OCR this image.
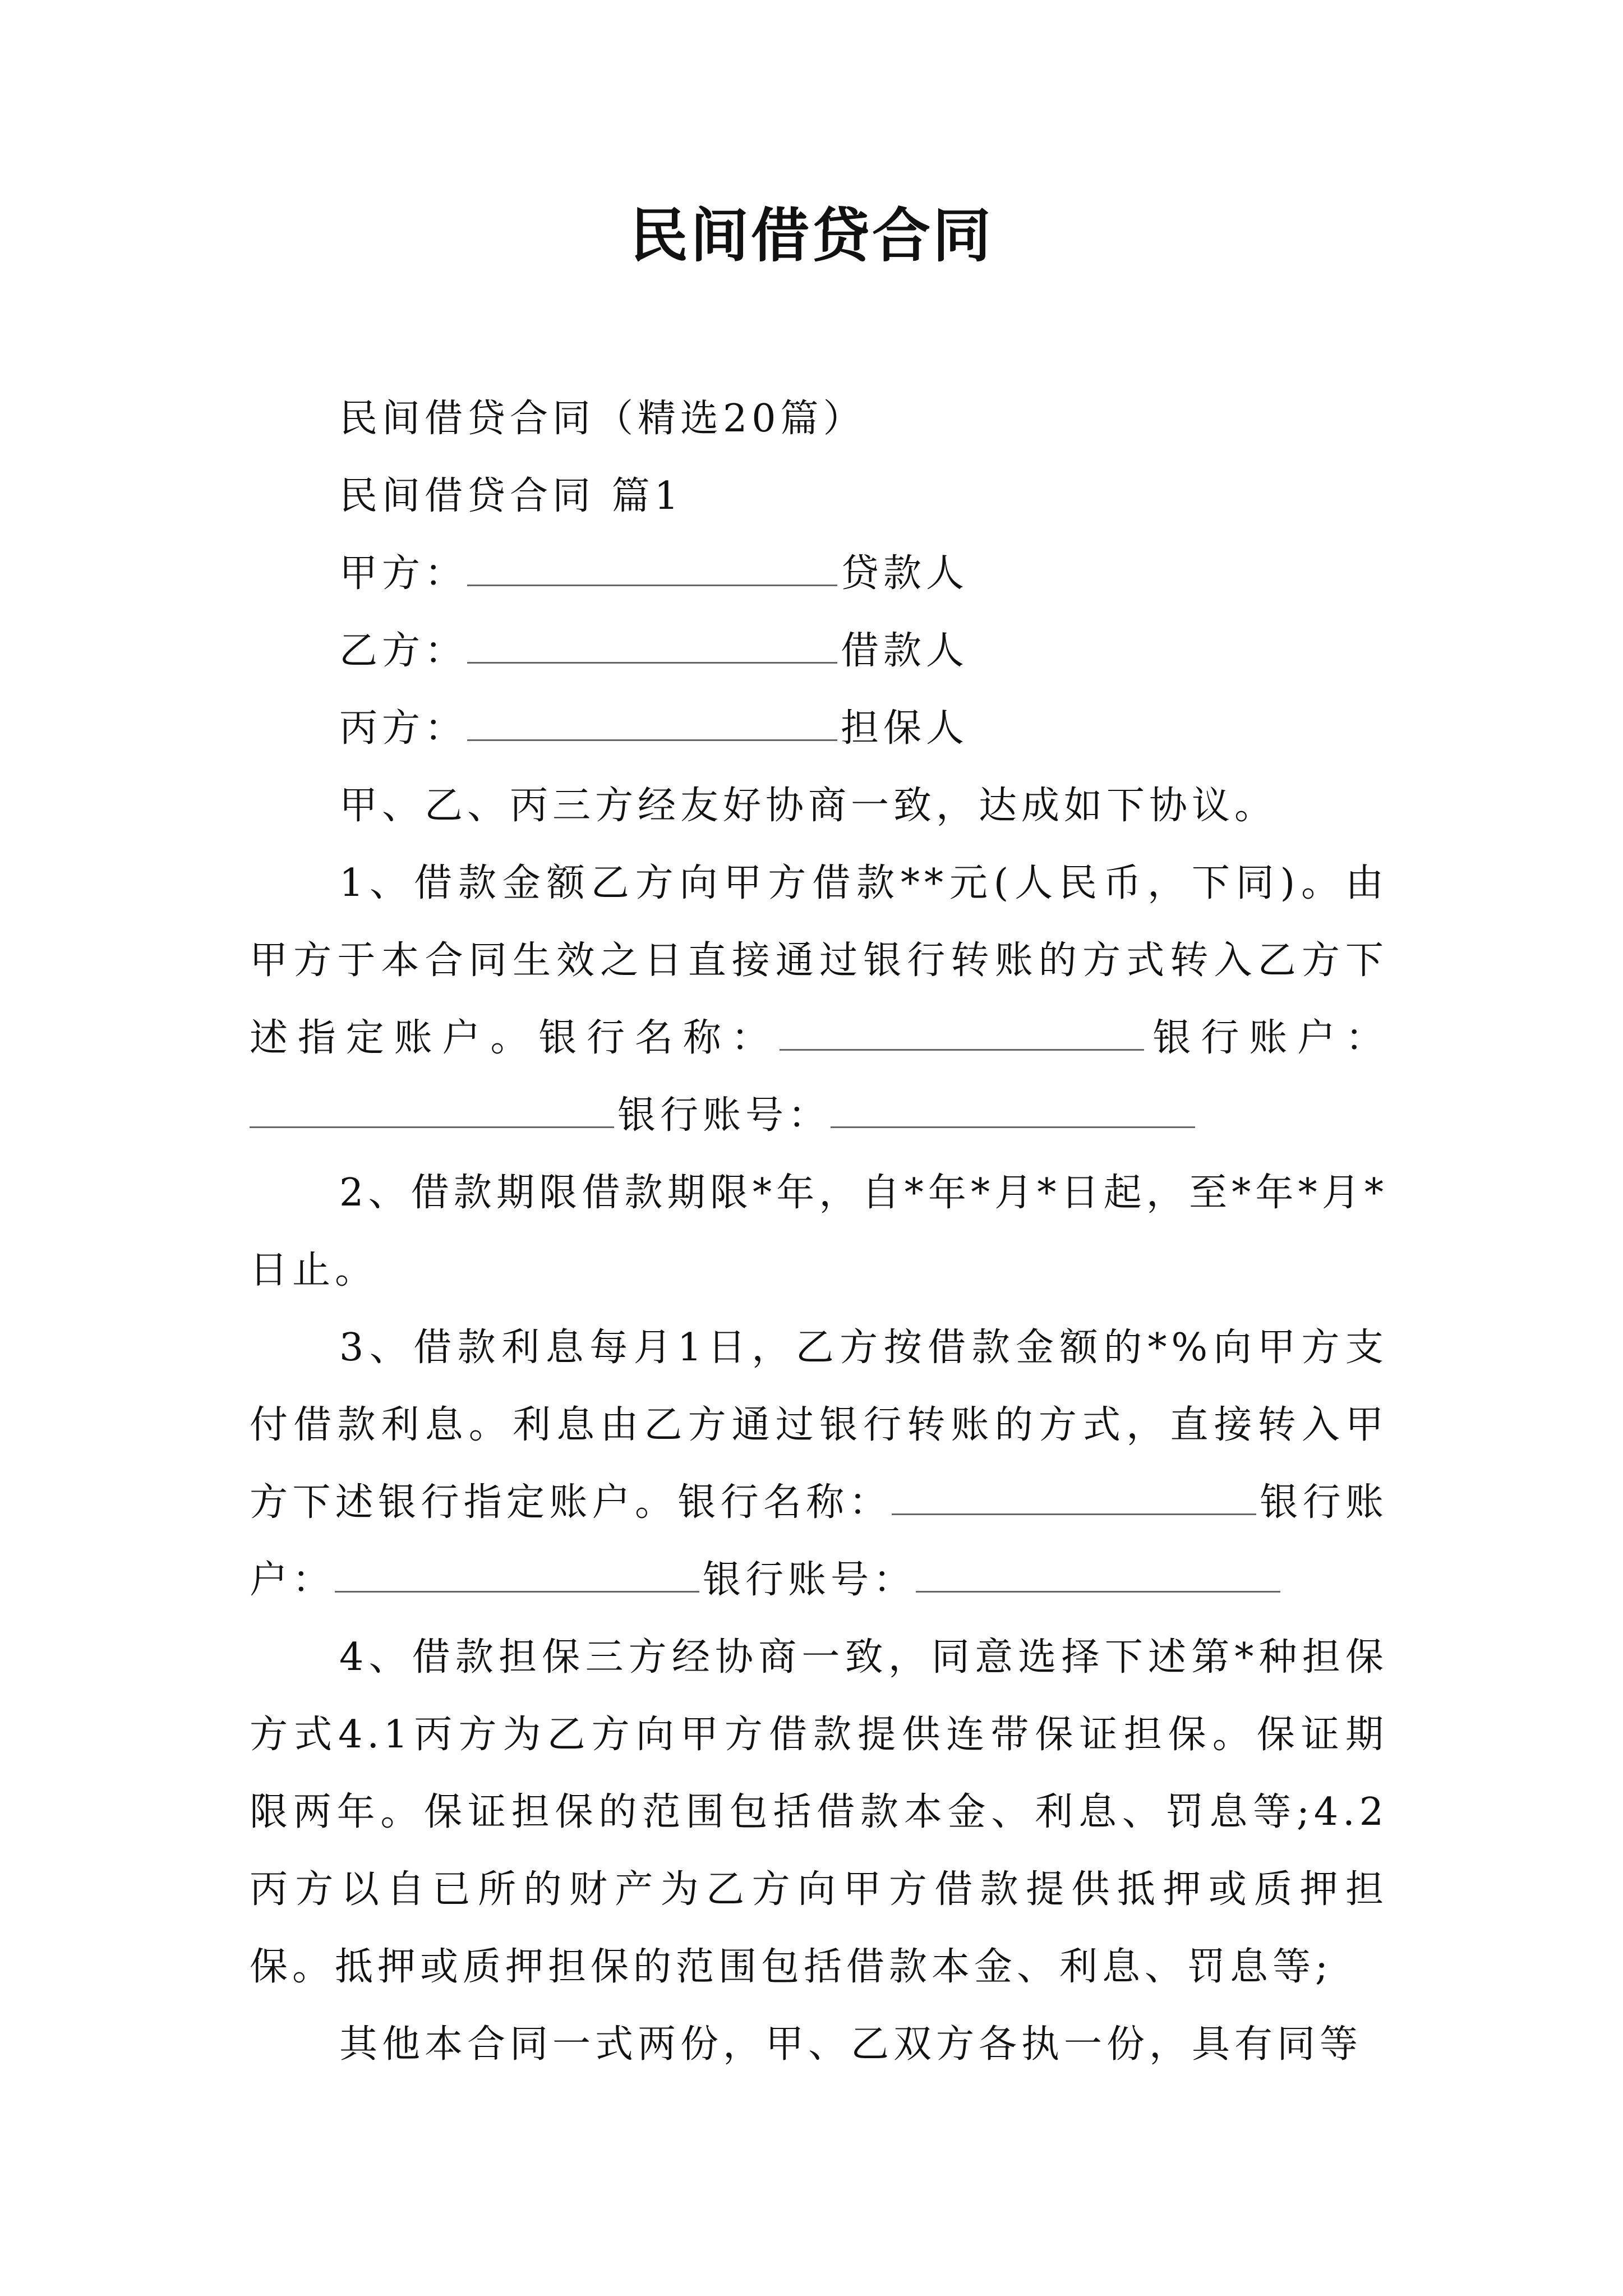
民间借贷合同

民间借贷合同（精选20篇）

民间借贷合同 篇1

甲方：	贷款人

乙方：	借款人

丙方：	担保人

甲、乙、丙三方经友好协商一致，达成如下协议。

1、借款金额乙方向甲方借款**元(人民币，下同)。由甲方于本合同生效之日直接通过银行转账的方式转入乙方下述指定账户。银行名称：	银行账户：银行账号：

2、借款期限借款期限*年，自*年*月*日起，至*年*月*日止。

3、借款利息每月1日，乙方按借款金额的*%向甲方支付借款利息。利息由乙方通过银行转账的方式，直接转入甲方下述银行指定账户。银行名称：	银行账户：	银行账号：

4、借款担保三方经协商一致，同意选择下述第*种担保方式4.1丙方为乙方向甲方借款提供连带保证担保。保证期限两年。保证担保的范围包括借款本金、利息、罚息等;4.2丙方以自已所的财产为乙方向甲方借款提供抵押或质押担保。抵押或质押担保的范围包括借款本金、利息、罚息等;

其他本合同一式两份，甲、乙双方各执一份，具有同等
